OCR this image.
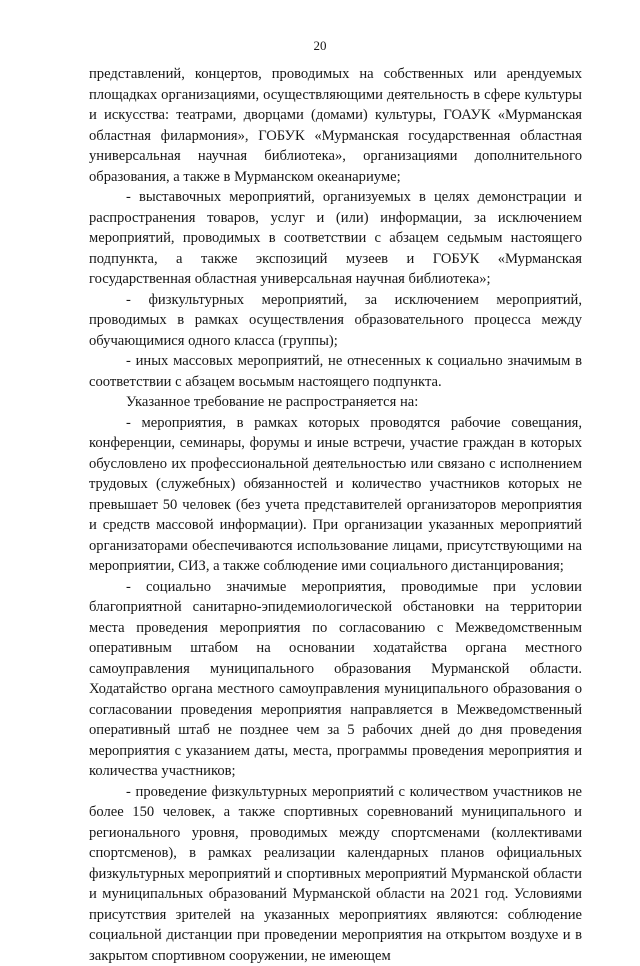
20

представлений, концертов, проводимых на собственных или арендуемых площадках организациями, осуществляющими деятельность в сфере культуры и искусства: театрами, дворцами (домами) культуры, ГОАУК «Мурманская областная филармония», ГОБУК «Мурманская государственная областная универсальная научная библиотека», организациями дополнительного образования, а также в Мурманском океанариуме;

- выставочных мероприятий, организуемых в целях демонстрации и распространения товаров, услуг и (или) информации, за исключением мероприятий, проводимых в соответствии с абзацем седьмым настоящего подпункта, а также экспозиций музеев и ГОБУК «Мурманская государственная областная универсальная научная библиотека»;

- физкультурных мероприятий, за исключением мероприятий, проводимых в рамках осуществления образовательного процесса между обучающимися одного класса (группы);

- иных массовых мероприятий, не отнесенных к социально значимым в соответствии с абзацем восьмым настоящего подпункта.

Указанное требование не распространяется на:

- мероприятия, в рамках которых проводятся рабочие совещания, конференции, семинары, форумы и иные встречи, участие граждан в которых обусловлено их профессиональной деятельностью или связано с исполнением трудовых (служебных) обязанностей и количество участников которых не превышает 50 человек (без учета представителей организаторов мероприятия и средств массовой информации). При организации указанных мероприятий организаторами обеспечиваются использование лицами, присутствующими на мероприятии, СИЗ, а также соблюдение ими социального дистанцирования;

- социально значимые мероприятия, проводимые при условии благоприятной санитарно-эпидемиологической обстановки на территории места проведения мероприятия по согласованию с Межведомственным оперативным штабом на основании ходатайства органа местного самоуправления муниципального образования Мурманской области. Ходатайство органа местного самоуправления муниципального образования о согласовании проведения мероприятия направляется в Межведомственный оперативный штаб не позднее чем за 5 рабочих дней до дня проведения мероприятия с указанием даты, места, программы проведения мероприятия и количества участников;

- проведение физкультурных мероприятий с количеством участников не более 150 человек, а также спортивных соревнований муниципального и регионального уровня, проводимых между спортсменами (коллективами спортсменов), в рамках реализации календарных планов официальных физкультурных мероприятий и спортивных мероприятий Мурманской области и муниципальных образований Мурманской области на 2021 год. Условиями присутствия зрителей на указанных мероприятиях являются: соблюдение социальной дистанции при проведении мероприятия на открытом воздухе и в закрытом спортивном сооружении, не имеющем
